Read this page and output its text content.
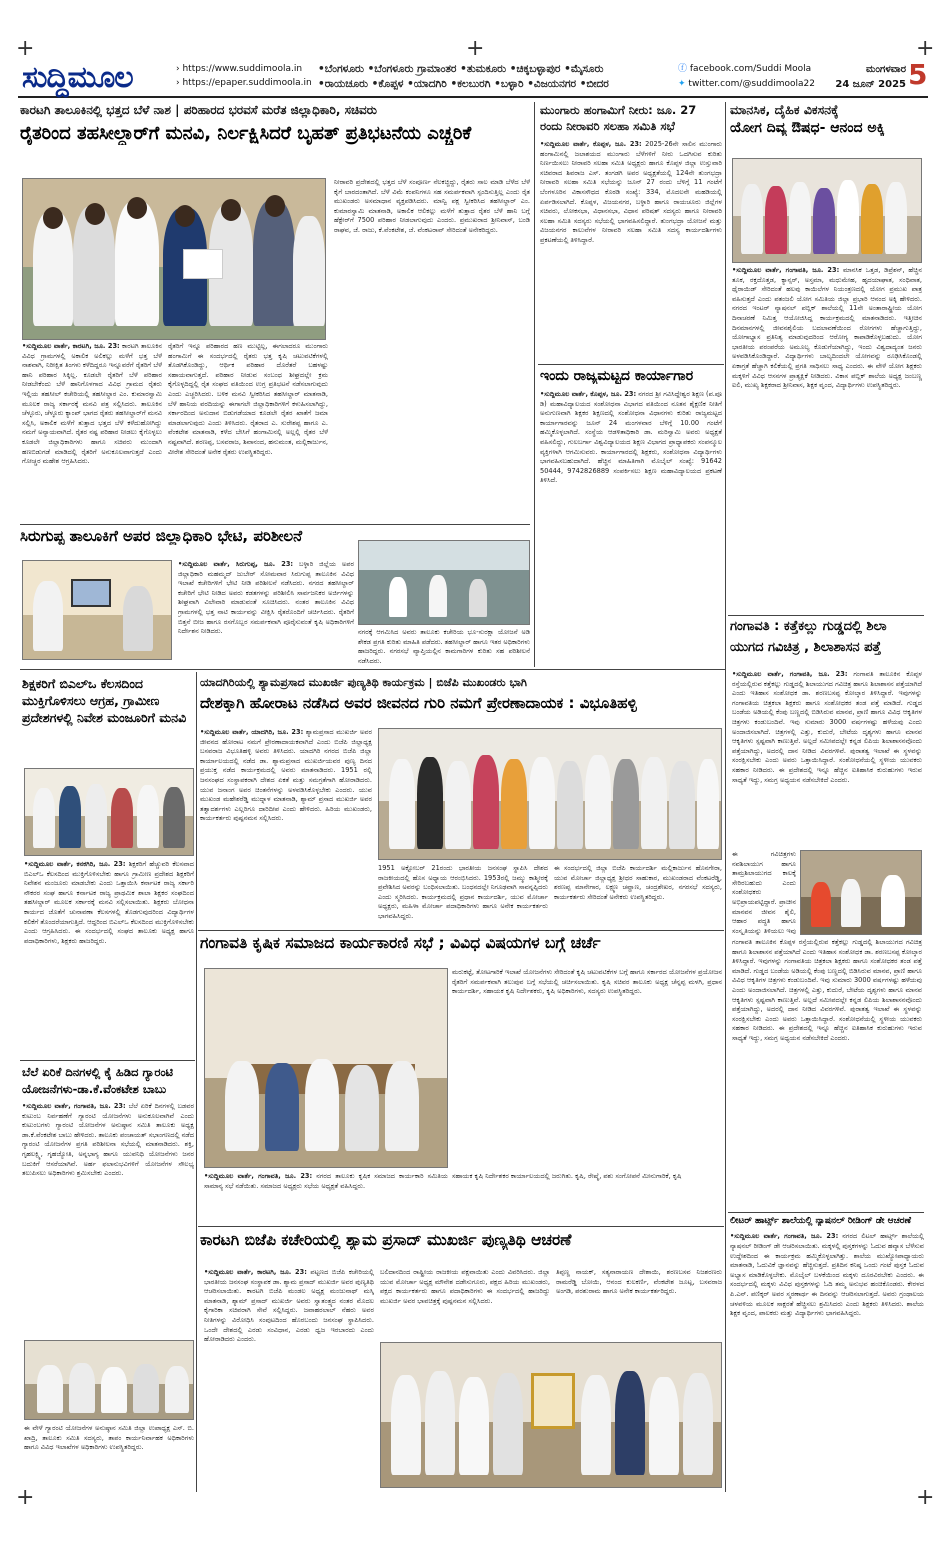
+	+	+
+	+
ಸುದ್ದಿಮೂಲ	› https://www.suddimoola.in
› https://epaper.suddimoola.in
•ಬೆಂಗಳೂರು •ಬೆಂಗಳೂರು ಗ್ರಾಮಾಂತರ •ತುಮಕೂರು •ಚಿಕ್ಕಬಳ್ಳಾಪುರ •ಮೈಸೂರು
•ರಾಯಚೂರು •ಕೊಪ್ಪಳ •ಯಾದಗಿರಿ •ಕಲಬುರಗಿ •ಬಳ್ಳಾರಿ •ವಿಜಯನಗರ •ಬೀದರ
ⓕ facebook.com/Suddi Moola
✦ twitter.com/@suddimoola22
ಮಂಗಳವಾರ
24 ಜೂನ್ 2025 5
ಕಾರಟಗಿ ತಾಲೂಕಿನಲ್ಲಿ ಭತ್ತದ ಬೆಳೆ ನಾಶ | ಪರಿಹಾರದ ಭರವಸೆ ಮರೆತ ಜಿಲ್ಲಾಧಿಕಾರಿ, ಸಚಿವರು
ರೈತರಿಂದ ತಹಸೀಲ್ದಾರ್‌ಗೆ ಮನವಿ, ನಿರ್ಲಕ್ಷಿಸಿದರೆ ಬೃಹತ್ ಪ್ರತಿಭಟನೆಯ ಎಚ್ಚರಿಕೆ
•ಸುದ್ದಿಮೂಲ ವಾರ್ತೆ, ಕಾರಟಗಿ, ಜೂ. 23: ಕಾರಟಗಿ ತಾಲೂಕಿನ ವಿವಿಧ ಗ್ರಾಮಗಳಲ್ಲಿ ಅಕಾಲಿಕ ಅಲಿಕಲ್ಲು ಮಳೆಗೆ ಭತ್ತ ಬೆಳೆ ನಾಶವಾಗಿ, ನಿರೀಕ್ಷಿತ ತಿಂಗಳು ಕಳೆದಿದ್ದರೂ ಇನ್ನೂವರೆಗೆ ರೈತರಿಗೆ ಬೆಳೆ ಹಾನಿ ಪರಿಹಾರ ಸಿಕ್ಕಿಲ್ಲ. ಕೂಡಲೇ ರೈತರಿಗೆ ಬೆಳೆ ಪರಿಹಾರ ನೀಡಬೇಕೆಂದು ಬೆಳೆ ಹಾನಿಗೊಳಗಾದ ವಿವಿಧ ಗ್ರಾಮದ ರೈತರು ಇಲ್ಲಿಯ ತಹಸೀಲ್ ಕಚೇರಿಯಲ್ಲಿ ತಹಸೀಲ್ದಾರ ಎಂ. ಕುಮಾರಸ್ವಾಮಿ ಮೂಲಕ ರಾಜ್ಯ ಸರ್ಕಾರಕ್ಕೆ ಮನವಿ ಪತ್ರ ಸಲ್ಲಿಸಿದರು. ತಾಲೂಕಿನ ಚೆಳ್ಳೂರು, ಚೆಳ್ಳೂರು ಕ್ಯಾಂಪ್ ಭಾಗದ ರೈತರು ತಹಸೀಲ್ದಾರ್‌ಗೆ ಮನವಿ ಸಲ್ಲಿಸಿ, ಅಕಾಲಿಕ ಮಳೆಗೆ ತುತ್ತಾದ ಭತ್ತದ ಬೆಳೆ ಕಳೆದುಹೋಗಿದ್ದು ನಮಗೆ ಅನ್ಯಾಯವಾಗಿದೆ. ರೈತರ ನಷ್ಟ ಪರಿಹಾರ ನೀಡಲು ಕೈಗೊಳ್ಳಲು ಕೂಡಲೇ ಜಿಲ್ಲಾಧಿಕಾರಿಗಳು ಹಾಗೂ ಸಚಿವರು ಮುಂದಾಗಿ ಹಣಬಿಡುಗಡೆ ಮಾಡಿದಲ್ಲಿ ರೈತರಿಗೆ ಅನುಕೂಲವಾಗುತ್ತದೆ ಎಂದು ಗೋಚ್ಚರ ಮಹೇಶ ಆಗ್ರಹಿಸಿದರು.
ರೈತರಿಗೆ ಇನ್ನೂ ಪರಿಹಾರದ ಹಣ ಮುಟ್ಟಿಲ್ಲ, ಈಗಲಾದರೂ ಮುಂಗಾರು ಹಂಗಾಮಿಗೆ ಈ ಸಂದರ್ಭದಲ್ಲಿ ರೈತರು ಭತ್ತ ಕೃಷಿ ಚಟುವಟಿಕೆಗಳಲ್ಲಿ ತೊಡಗಿಕೊಂಡಿದ್ದು, ಆರ್ಥಿಕ ಪರಿಹಾರ ದೊರೆತರೆ ಬಹಳಷ್ಟು ಸಹಾಯವಾಗುತ್ತದೆ. ಪರಿಹಾರ ನೀಡುವ ಸಂಬಂಧ ಶೀಘ್ರದಲ್ಲೇ ಕ್ರಮ ಕೈಗೊಳ್ಳದಿದ್ದಲ್ಲಿ ರೈತ ಸಂಘದ ವತಿಯಿಂದ ಉಗ್ರ ಪ್ರತಿಭಟನೆ ನಡೆಸಲಾಗುವುದು ಎಂದು ಎಚ್ಚರಿಸಿದರು. ಬಳಿಕ ಮನವಿ ಸ್ವೀಕರಿಸಿದ ತಹಸೀಲ್ದಾರ್ ಮಾತನಾಡಿ, ಬೆಳೆ ಹಾನಿಯ ವರದಿಯನ್ನು ಈಗಾಗಲೇ ಜಿಲ್ಲಾಧಿಕಾರಿಗಳಿಗೆ ಕಳುಹಿಸಲಾಗಿದ್ದು, ಸರ್ಕಾರದಿಂದ ಅನುದಾನ ಬಿಡುಗಡೆಯಾದ ಕೂಡಲೇ ರೈತರ ಖಾತೆಗೆ ಜಮಾ ಮಾಡಲಾಗುವುದು ಎಂದು ತಿಳಿಸಿದರು. ರೈತರಾದ ಎ. ಸುರೇಶಪ್ಪ ಹಾಗೂ ಎ. ವೆಂಕಟೇಶ ಮಾತನಾಡಿ, ಕಳೆದ ಬೇಸಿಗೆ ಹಂಗಾಮಿನಲ್ಲಿ ಅಲ್ಲಲ್ಲಿ ರೈತರ ಬೆಳೆ ನಷ್ಟವಾಗಿದೆ. ಶರಣಪ್ಪ, ಬಸವರಾಜ, ಶಿವಾನಂದ, ಹನುಮಂತ, ಮಲ್ಲಿಕಾರ್ಜುನ, ವೀರೇಶ ಸೇರಿದಂತೆ ಅನೇಕ ರೈತರು ಉಪಸ್ಥಿತರಿದ್ದರು.
ನೀರಾವರಿ ಪ್ರದೇಶದಲ್ಲಿ ಭತ್ತದ ಬೆಳೆ ಸಂಪೂರ್ಣ ನೆಲಕಚ್ಚಿದ್ದು, ರೈತರು ಸಾಲ ಮಾಡಿ ಬೆಳೆದ ಬೆಳೆ ಕೈಗೆ ಬಾರದಂತಾಗಿದೆ. ಬೆಳೆ ವಿಮೆ ಕಂಪನಿಗಳೂ ಸಹ ಸಮರ್ಪಕವಾಗಿ ಸ್ಪಂದಿಸುತ್ತಿಲ್ಲ ಎಂದು ರೈತ ಮುಖಂಡರು ಅಸಮಾಧಾನ ವ್ಯಕ್ತಪಡಿಸಿದರು. ಮಾನ್ವಿ ಪಕ್ಷ ಸ್ವೀಕರಿಸಿದ ತಹಸೀಲ್ದಾರ್ ಎಂ. ಕುಮಾರಸ್ವಾಮಿ ಮಾತನಾಡಿ, ಅಕಾಲಿಕ ಆಲಿಕಲ್ಲು ಮಳೆಗೆ ತುತ್ತಾದ ರೈತರ ಬೆಳೆ ಹಾನಿ ಬಗ್ಗೆ ಹೆಕ್ಟೇರ್‌ಗೆ 7500 ಪರಿಹಾರ ನೀಡಲಾಗುವುದು ಎಂದರು. ಪ್ರಮುಖರಾದ ಶ್ರೀನಿವಾಸ್, ಬಂಡಿ ರಾಘವ, ಜೆ. ರಾಜು, ಕೆ.ವೆಂಕಟೇಶ, ಜೆ. ವೆಂಕಟರಾವ್ ಸೇರಿದಂತೆ ಅನೇಕರಿದ್ದರು.
ಮುಂಗಾರು ಹಂಗಾಮಿಗೆ ನೀರು: ಜೂ. 27
ರಂದು ನೀರಾವರಿ ಸಲಹಾ ಸಮಿತಿ ಸಭೆ
•ಸುದ್ದಿಮೂಲ ವಾರ್ತೆ, ಕೊಪ್ಪಳ, ಜೂ. 23: 2025-26ನೇ ಸಾಲಿನ ಮುಂಗಾರು ಹಂಗಾಮಿನಲ್ಲಿ ಜಲಾಶಯದ ಮುಂಗಾರು ಬೆಳೆಗಳಿಗೆ ನೀರು ಒದಗಿಸುವ ಕುರಿತು ನಿರ್ಣಯಿಸಲು ನೀರಾವರಿ ಸಲಹಾ ಸಮಿತಿ ಅಧ್ಯಕ್ಷರು ಹಾಗೂ ಕೊಪ್ಪಳ ಜಿಲ್ಲಾ ಉಸ್ತುವಾರಿ ಸಚಿವರಾದ ಶಿವರಾಜ ಎಸ್. ತಂಗಡಗಿ ಅವರ ಅಧ್ಯಕ್ಷತೆಯಲ್ಲಿ 124ನೇ ತುಂಗಭದ್ರಾ ನೀರಾವರಿ ಸಲಹಾ ಸಮಿತಿ ಸಭೆಯನ್ನು ಜೂನ್ 27 ರಂದು ಬೆಳಿಗ್ಗೆ 11 ಗಂಟೆಗೆ ಬೆಂಗಳೂರಿನ ವಿಕಾಸಸೌಧದ ಕೊಠಡಿ ಸಂಖ್ಯೆ: 334, ಮೊದಲನೇ ಮಹಡಿಯಲ್ಲಿ ಏರ್ಪಡಿಸಲಾಗಿದೆ. ಕೊಪ್ಪಳ, ವಿಜಯನಗರ, ಬಳ್ಳಾರಿ ಹಾಗೂ ರಾಯಚೂರು ಜಿಲ್ಲೆಗಳ ಸಚಿವರು, ಲೋಕಸಭಾ, ವಿಧಾನಸಭಾ, ವಿಧಾನ ಪರಿಷತ್ ಸದಸ್ಯರು ಹಾಗೂ ನೀರಾವರಿ ಸಲಹಾ ಸಮಿತಿ ಸದಸ್ಯರು ಸಭೆಯಲ್ಲಿ ಭಾಗವಹಿಸಲಿದ್ದಾರೆ. ತುಂಗಭದ್ರಾ ಯೋಜನೆ ಮತ್ತು ವಿಜಯನಗರ ಕಾಲುವೆಗಳ ನೀರಾವರಿ ಸಲಹಾ ಸಮಿತಿ ಸದಸ್ಯ ಕಾರ್ಯದರ್ಶಿಗಳು ಪ್ರಕಟಣೆಯಲ್ಲಿ ತಿಳಿಸಿದ್ದಾರೆ.
ಇಂದು ರಾಜ್ಯಮಟ್ಟದ ಕಾರ್ಯಾಗಾರ
•ಸುದ್ದಿಮೂಲ ವಾರ್ತೆ, ಕೊಪ್ಪಳ, ಜೂ. 23: ನಗರದ ಶ್ರೀ ಗವಿಸಿದ್ದೇಶ್ವರ ಶಿಕ್ಷಣ (ಪ.ಪೂ ಡಿ) ಮಹಾವಿದ್ಯಾಲಯದ ಸಂಶೋಧನಾ ವಿಭಾಗದ ವತಿಯಿಂದ ನೂತನ ಶೈಕ್ಷಣಿಕ ನೀತಿಗೆ ಅನುಗುಣವಾಗಿ ಶಿಕ್ಷಕರ ಶಿಕ್ಷಣದಲ್ಲಿ ಸಂಶೋಧನಾ ವಿಧಾನಗಳು ಕುರಿತು ರಾಜ್ಯಮಟ್ಟದ ಕಾರ್ಯಾಗಾರವನ್ನು ಜೂನ್ 24 ಮಂಗಳವಾರ ಬೆಳಿಗ್ಗೆ 10.00 ಗಂಟೆಗೆ ಹಮ್ಮಿಕೊಳ್ಳಲಾಗಿದೆ. ಸಂಸ್ಥೆಯ ಆಡಳಿತಾಧಿಕಾರಿ ಡಾ. ಮರಿಸ್ವಾಮಿ ಅವರು ಅಧ್ಯಕ್ಷತೆ ವಹಿಸಲಿದ್ದು, ಗುಲಬರ್ಗಾ ವಿಶ್ವವಿದ್ಯಾಲಯದ ಶಿಕ್ಷಣ ವಿಭಾಗದ ಪ್ರಾಧ್ಯಾಪಕರು ಸಂಪನ್ಮೂಲ ವ್ಯಕ್ತಿಗಳಾಗಿ ಆಗಮಿಸುವರು. ಕಾರ್ಯಾಗಾರದಲ್ಲಿ ಶಿಕ್ಷಕರು, ಸಂಶೋಧನಾ ವಿದ್ಯಾರ್ಥಿಗಳು ಭಾಗವಹಿಸಬಹುದಾಗಿದೆ. ಹೆಚ್ಚಿನ ಮಾಹಿತಿಗಾಗಿ ಮೊಬೈಲ್ ಸಂಖ್ಯೆ: 91642 50444, 9742826889 ಸಂಪರ್ಕಿಸಲು ಶಿಕ್ಷಣ ಮಹಾವಿದ್ಯಾಲಯದ ಪ್ರಕಟಣೆ ತಿಳಿಸಿದೆ.
ಮಾನಸಿಕ, ದೈಹಿಕ ವಿಕಸನಕ್ಕೆ
ಯೋಗ ದಿವ್ಯ ಔಷಧ- ಆನಂದ ಅಕ್ಕಿ
•ಸುದ್ದಿಮೂಲ ವಾರ್ತೆ, ಗಂಗಾವತಿ, ಜೂ. 23: ಮಾನಸಿಕ ಒತ್ತಡ, ಡಿಪ್ರೆಶನ್, ಹೆಚ್ಚಿನ ತೂಕ, ರಕ್ತದೊತ್ತಡ, ಕ್ಯಾನ್ಸರ್, ಅಸ್ತಮಾ, ಮಧುಮೇಹ, ಹೃದಯಾಘಾತ, ಸಂಧಿವಾತ, ಥೈರಾಯಿಡ್ ಸೇರಿದಂತೆ ಹಲವು ಕಾಯಿಲೆಗಳ ನಿಯಂತ್ರಣದಲ್ಲಿ ಯೋಗ ಪ್ರಮುಖ ಪಾತ್ರ ವಹಿಸುತ್ತದೆ ಎಂದು ಪತಂಜಲಿ ಯೋಗ ಸಮಿತಿಯ ಜಿಲ್ಲಾ ಪ್ರಭಾರಿ ಆನಂದ ಅಕ್ಕಿ ಹೇಳಿದರು. ನಗರದ ಇಂಟರ್ ನ್ಯಾಷನಲ್ ಪಬ್ಲಿಕ್ ಶಾಲೆಯಲ್ಲಿ 11ನೇ ಅಂತಾರಾಷ್ಟ್ರೀಯ ಯೋಗ ದಿನಾಚರಣೆ ನಿಮಿತ್ತ ಆಯೋಜಿಸಿದ್ದ ಕಾರ್ಯಕ್ರಮದಲ್ಲಿ ಮಾತನಾಡಿದರು. ಇತ್ತೀಚಿನ ದಿನಮಾನಗಳಲ್ಲಿ ಜೀವನಶೈಲಿಯ ಬದಲಾವಣೆಯಿಂದ ರೋಗಗಳು ಹೆಚ್ಚಾಗುತ್ತಿದ್ದು, ಯೋಗಾಭ್ಯಾಸ ಪ್ರತಿನಿತ್ಯ ಮಾಡುವುದರಿಂದ ಆರೋಗ್ಯ ಕಾಪಾಡಿಕೊಳ್ಳಬಹುದು. ಯೋಗ ಭಾರತೀಯ ಪರಂಪರೆಯ ಅಮೂಲ್ಯ ಕೊಡುಗೆಯಾಗಿದ್ದು, ಇಂದು ವಿಶ್ವದಾದ್ಯಂತ ಜನರು ಅಳವಡಿಸಿಕೊಂಡಿದ್ದಾರೆ. ವಿದ್ಯಾರ್ಥಿಗಳು ಬಾಲ್ಯದಿಂದಲೇ ಯೋಗವನ್ನು ರೂಢಿಸಿಕೊಂಡಲ್ಲಿ ಏಕಾಗ್ರತೆ ಹೆಚ್ಚಾಗಿ ಕಲಿಕೆಯಲ್ಲಿ ಪ್ರಗತಿ ಸಾಧಿಸಲು ಸಾಧ್ಯ ಎಂದರು. ಈ ವೇಳೆ ಯೋಗ ಶಿಕ್ಷಕರು ಮಕ್ಕಳಿಗೆ ವಿವಿಧ ಆಸನಗಳ ಪ್ರಾತ್ಯಕ್ಷಿಕೆ ನೀಡಿದರು. ವಿಕಾಸ ಪಬ್ಲಿಕ್ ಶಾಲೆಯ ಅಧ್ಯಕ್ಷ ಜಂಬಣ್ಣ ಐಲಿ, ಮುಖ್ಯ ಶಿಕ್ಷಕರಾದ ಶ್ರೀನಿವಾಸ, ಶಿಕ್ಷಕ ವೃಂದ, ವಿದ್ಯಾರ್ಥಿಗಳು ಉಪಸ್ಥಿತರಿದ್ದರು.
ಸಿರುಗುಪ್ಪ ತಾಲೂಕಿಗೆ ಅಪರ ಜಿಲ್ಲಾಧಿಕಾರಿ ಭೇಟಿ, ಪರಿಶೀಲನೆ
•ಸುದ್ದಿಮೂಲ ವಾರ್ತೆ, ಸಿರುಗುಪ್ಪ, ಜೂ. 23: ಬಳ್ಳಾರಿ ಜಿಲ್ಲೆಯ ಅಪರ ಜಿಲ್ಲಾಧಿಕಾರಿ ಮಹಮ್ಮದ್ ಜುಬೇರ್ ಸೋಮವಾರ ಸಿರುಗುಪ್ಪ ತಾಲೂಕಿನ ವಿವಿಧ ಇಲಾಖೆ ಕಚೇರಿಗಳಿಗೆ ಭೇಟಿ ನೀಡಿ ಪರಿಶೀಲನೆ ನಡೆಸಿದರು. ನಗರದ ತಹಸೀಲ್ದಾರ್ ಕಚೇರಿಗೆ ಭೇಟಿ ನೀಡಿದ ಅವರು ಕಡತಗಳನ್ನು ಪರಿಶೀಲಿಸಿ ಸಾರ್ವಜನಿಕರ ಅರ್ಜಿಗಳನ್ನು ಶೀಘ್ರವಾಗಿ ವಿಲೇವಾರಿ ಮಾಡುವಂತೆ ಸೂಚಿಸಿದರು. ನಂತರ ತಾಲೂಕಿನ ವಿವಿಧ ಗ್ರಾಮಗಳಲ್ಲಿ ಭತ್ತ ನಾಟಿ ಕಾರ್ಯವನ್ನು ವೀಕ್ಷಿಸಿ ರೈತರೊಂದಿಗೆ ಚರ್ಚಿಸಿದರು. ರೈತರಿಗೆ ಬಿತ್ತನೆ ಬೀಜ ಹಾಗೂ ರಸಗೊಬ್ಬರ ಸಮರ್ಪಕವಾಗಿ ಪೂರೈಸುವಂತೆ ಕೃಷಿ ಅಧಿಕಾರಿಗಳಿಗೆ ನಿರ್ದೇಶನ ನೀಡಿದರು.	ನಗರಕ್ಕೆ ಆಗಮಿಸಿದ ಅವರು ತಾಲೂಕು ಕಚೇರಿಯ ಭೂ-ಸುರಕ್ಷಾ ಯೋಜನೆ ಅಡಿ ಶೇಕಡ ಪ್ರಗತಿ ಕುರಿತು ಮಾಹಿತಿ ಪಡೆದರು. ತಹಸೀಲ್ದಾರ್ ಹಾಗೂ ಇತರ ಅಧಿಕಾರಿಗಳು ಹಾಜರಿದ್ದರು. ನಗರಸಭೆ ವ್ಯಾಪ್ತಿಯಲ್ಲಿನ ಕಾಮಗಾರಿಗಳ ಕುರಿತು ಸಹ ಪರಿಶೀಲನೆ ನಡೆಸಿದರು.
ಶಿಕ್ಷಕರಿಗೆ ಬಿಎಲ್‌ಒ ಕೆಲಸದಿಂದ ಮುಕ್ತಿಗೊಳಿಸಲು ಆಗ್ರಹ, ಗ್ರಾಮೀಣ ಪ್ರದೇಶಗಳಲ್ಲಿ ನಿವೇಶ ಮಂಜೂರಿಗೆ ಮನವಿ
•ಸುದ್ದಿಮೂಲ ವಾರ್ತೆ, ಕನಕಗಿರಿ, ಜೂ. 23: ಶಿಕ್ಷಕರಿಗೆ ಹೆಚ್ಚುವರಿ ಕೆಲಸವಾದ ಬಿಎಲ್‌ಒ ಕೆಲಸದಿಂದ ಮುಕ್ತಿಗೊಳಿಸಬೇಕು ಹಾಗೂ ಗ್ರಾಮೀಣ ಪ್ರದೇಶದ ಶಿಕ್ಷಕರಿಗೆ ನಿವೇಶನ ಮಂಜೂರು ಮಾಡಬೇಕು ಎಂದು ಒತ್ತಾಯಿಸಿ ಕರ್ನಾಟಕ ರಾಜ್ಯ ಸರ್ಕಾರಿ ನೌಕರರ ಸಂಘ ಹಾಗೂ ಕರ್ನಾಟಕ ರಾಜ್ಯ ಪ್ರಾಥಮಿಕ ಶಾಲಾ ಶಿಕ್ಷಕರ ಸಂಘದಿಂದ ತಹಸೀಲ್ದಾರ್ ಮೂಲಕ ಸರ್ಕಾರಕ್ಕೆ ಮನವಿ ಸಲ್ಲಿಸಲಾಯಿತು. ಶಿಕ್ಷಕರು ಬೋಧನಾ ಕಾರ್ಯದ ಜೊತೆಗೆ ಚುನಾವಣಾ ಕೆಲಸಗಳಲ್ಲಿ ತೊಡಗುವುದರಿಂದ ವಿದ್ಯಾರ್ಥಿಗಳ ಕಲಿಕೆಗೆ ತೊಂದರೆಯಾಗುತ್ತಿದೆ. ಆದ್ದರಿಂದ ಬಿಎಲ್‌ಒ ಕೆಲಸದಿಂದ ಮುಕ್ತಿಗೊಳಿಸಬೇಕು ಎಂದು ಆಗ್ರಹಿಸಿದರು. ಈ ಸಂದರ್ಭದಲ್ಲಿ ಸಂಘದ ತಾಲೂಕು ಅಧ್ಯಕ್ಷ ಹಾಗೂ ಪದಾಧಿಕಾರಿಗಳು, ಶಿಕ್ಷಕರು ಹಾಜರಿದ್ದರು.
ಬೆಲೆ ಏರಿಕೆ ದಿನಗಳಲ್ಲಿ ಕೈ ಹಿಡಿದ ಗ್ಯಾರಂಟಿ ಯೋಜನೆಗಳು-ಡಾ.ಕೆ.ವೆಂಕಟೇಶ ಬಾಬು
•ಸುದ್ದಿಮೂಲ ವಾರ್ತೆ, ಗಂಗಾವತಿ, ಜೂ. 23: ಬೆಲೆ ಏರಿಕೆ ದಿನಗಳಲ್ಲಿ ಬಡವರ ಕುಟುಂಬ ನಿರ್ವಹಣೆಗೆ ಗ್ಯಾರಂಟಿ ಯೋಜನೆಗಳು ಅನುಕೂಲವಾಗಿವೆ ಎಂದು ಕುಟುಂಬಗಳು ಗ್ಯಾರಂಟಿ ಯೋಜನೆಗಳ ಅನುಷ್ಠಾನ ಸಮಿತಿ ತಾಲೂಕು ಅಧ್ಯಕ್ಷ ಡಾ.ಕೆ.ವೆಂಕಟೇಶ ಬಾಬು ಹೇಳಿದರು. ತಾಲೂಕು ಪಂಚಾಯತ್ ಸಭಾಂಗಣದಲ್ಲಿ ನಡೆದ ಗ್ಯಾರಂಟಿ ಯೋಜನೆಗಳ ಪ್ರಗತಿ ಪರಿಶೀಲನಾ ಸಭೆಯಲ್ಲಿ ಮಾತನಾಡಿದರು. ಶಕ್ತಿ, ಗೃಹಲಕ್ಷ್ಮಿ, ಗೃಹಜ್ಯೋತಿ, ಅನ್ನಭಾಗ್ಯ ಹಾಗೂ ಯುವನಿಧಿ ಯೋಜನೆಗಳು ಜನರ ಬದುಕಿಗೆ ಆಸರೆಯಾಗಿವೆ. ಅರ್ಹ ಫಲಾನುಭವಿಗಳಿಗೆ ಯೋಜನೆಗಳ ಸೌಲಭ್ಯ ತಲುಪಿಸಲು ಅಧಿಕಾರಿಗಳು ಶ್ರಮಿಸಬೇಕು ಎಂದರು.
ಈ ವೇಳೆ ಗ್ಯಾರಂಟಿ ಯೋಜನೆಗಳ ಅನುಷ್ಠಾನ ಸಮಿತಿ ಜಿಲ್ಲಾ ಉಪಾಧ್ಯಕ್ಷ ಎಸ್. ಬಿ. ಖಾದ್ರಿ, ತಾಲೂಕು ಸಮಿತಿ ಸದಸ್ಯರು, ತಾಪಂ ಕಾರ್ಯನಿರ್ವಾಹಕ ಅಧಿಕಾರಿಗಳು ಹಾಗೂ ವಿವಿಧ ಇಲಾಖೆಗಳ ಅಧಿಕಾರಿಗಳು ಉಪಸ್ಥಿತರಿದ್ದರು.
ಯಾದಗಿರಿಯಲ್ಲಿ ಶ್ಯಾಮಪ್ರಸಾದ ಮುಖರ್ಜಿ ಪುಣ್ಯತಿಥಿ ಕಾರ್ಯಕ್ರಮ | ಬಿಜೆಪಿ ಮುಖಂಡರು ಭಾಗಿ
ದೇಶಕ್ಕಾಗಿ ಹೋರಾಟ ನಡೆಸಿದ ಅವರ ಜೀವನದ ಗುರಿ ನಮಗೆ ಪ್ರೇರಣಾದಾಯಕ : ವಿಭೂತಿಹಳ್ಳಿ
•ಸುದ್ದಿಮೂಲ ವಾರ್ತೆ, ಯಾದಗಿರಿ, ಜೂ. 23: ಶ್ಯಾಮಪ್ರಸಾದ ಮುಖರ್ಜಿ ಅವರ ಜೀವನದ ಹೋರಾಟ ನಮಗೆ ಪ್ರೇರಣಾದಾಯಕವಾಗಿದೆ ಎಂದು ಬಿಜೆಪಿ ಜಿಲ್ಲಾಧ್ಯಕ್ಷ ಬಸವರಾಜ ವಿಭೂತಿಹಳ್ಳಿ ಅವರು ತಿಳಿಸಿದರು. ಯಾದಗಿರಿ ನಗರದ ಬಿಜೆಪಿ ಜಿಲ್ಲಾ ಕಾರ್ಯಾಲಯದಲ್ಲಿ ನಡೆದ ಡಾ. ಶ್ಯಾಮಪ್ರಸಾದ ಮುಖರ್ಜಿಯವರ ಪುಣ್ಯ ದಿನದ ಪ್ರಯುಕ್ತ ನಡೆದ ಕಾರ್ಯಕ್ರಮದಲ್ಲಿ ಅವರು ಮಾತನಾಡಿದರು. 1951 ರಲ್ಲಿ ಜನಸಂಘದ ಸಂಸ್ಥಾಪಕರಾಗಿ ದೇಶದ ಏಕತೆ ಮತ್ತು ಸಮಗ್ರತೆಗಾಗಿ ಹೋರಾಡಿದರು. ಯುವ ಜನಾಂಗ ಅವರ ಚಿಂತನೆಗಳನ್ನು ಅಳವಡಿಸಿಕೊಳ್ಳಬೇಕು ಎಂದರು. ಯುವ ಮುಖಂಡ ಮಹೇಶರೆಡ್ಡಿ ಮುದ್ನಾಳ ಮಾತನಾಡಿ, ಶ್ಯಾಮ್ ಪ್ರಸಾದ ಮುಖರ್ಜಿ ಅವರ ತತ್ವಾದರ್ಶಗಳು ಎಲ್ಲರಿಗೂ ದಾರಿದೀಪ ಎಂದು ಹೇಳಿದರು. ಹಿರಿಯ ಮುಖಂಡರು, ಕಾರ್ಯಕರ್ತರು ಪುಷ್ಪನಮನ ಸಲ್ಲಿಸಿದರು.
1951 ಅಕ್ಟೋಬರ್ 21ರಂದು ಭಾರತೀಯ ಜನಸಂಘ ಸ್ಥಾಪಿಸಿ ದೇಶದ ರಾಜಕೀಯದಲ್ಲಿ ಹೊಸ ಅಧ್ಯಾಯ ಆರಂಭಿಸಿದರು. 1953ರಲ್ಲಿ ಜಮ್ಮು ಕಾಶ್ಮೀರಕ್ಕೆ ಪ್ರವೇಶಿಸಿದ ಅವರನ್ನು ಬಂಧಿಸಲಾಯಿತು. ಬಂಧನದಲ್ಲೇ ನಿಗೂಢವಾಗಿ ಸಾವನ್ನಪ್ಪಿದರು ಎಂದು ಸ್ಮರಿಸಿದರು. ಕಾರ್ಯಕ್ರಮದಲ್ಲಿ ಪ್ರಧಾನ ಕಾರ್ಯದರ್ಶಿ, ಯುವ ಮೋರ್ಚಾ ಅಧ್ಯಕ್ಷರು, ಮಹಿಳಾ ಮೋರ್ಚಾ ಪದಾಧಿಕಾರಿಗಳು ಹಾಗೂ ಅನೇಕ ಕಾರ್ಯಕರ್ತರು ಭಾಗವಹಿಸಿದ್ದರು.
ಈ ಸಂದರ್ಭದಲ್ಲಿ ಜಿಲ್ಲಾ ಬಿಜೆಪಿ ಕಾರ್ಯದರ್ಶಿ ಮಲ್ಲಿಕಾರ್ಜುನ ಹೊನಗೇರಾ, ಯುವ ಮೋರ್ಚಾ ಜಿಲ್ಲಾಧ್ಯಕ್ಷ ಶ್ರೀಧರ ಸಾಹುಕಾರ, ಮುಖಂಡರಾದ ವೆಂಕಟರೆಡ್ಡಿ, ಶರಣಪ್ಪ ಮಾನೇಗಾರ, ಲಕ್ಷ್ಮಣ ಚವ್ಹಾಣ, ಚಂದ್ರಶೇಖರ, ನಗರಸಭೆ ಸದಸ್ಯರು, ಕಾರ್ಯಕರ್ತರು ಸೇರಿದಂತೆ ಅನೇಕರು ಉಪಸ್ಥಿತರಿದ್ದರು.
ಗಂಗಾವತಿ ಕೃಷಿಕ ಸಮಾಜದ ಕಾರ್ಯಕಾರಣಿ ಸಭೆ ; ವಿವಿಧ ವಿಷಯಗಳ ಬಗ್ಗೆ ಚರ್ಚೆ
•ಸುದ್ದಿಮೂಲ ವಾರ್ತೆ, ಗಂಗಾವತಿ, ಜೂ. 23: ನಗರದ ತಾಲೂಕು ಕೃಷಿಕ ಸಮಾಜದ ಕಾರ್ಯಕಾರಿ ಸಮಿತಿಯ ಸಾಮಾನ್ಯ ಸಭೆ ನಡೆಯಿತು. ಸಮಾಜದ ಅಧ್ಯಕ್ಷರು ಸಭೆಯ ಅಧ್ಯಕ್ಷತೆ ವಹಿಸಿದ್ದರು.
ಮರುಕಟ್ಟೆ, ತೋಟಗಾರಿಕೆ ಇಲಾಖೆ ಯೋಜನೆಗಳು ಸೇರಿದಂತೆ ಕೃಷಿ ಚಟುವಟಿಕೆಗಳ ಬಗ್ಗೆ ಹಾಗೂ ಸರ್ಕಾರದ ಯೋಜನೆಗಳ ಪ್ರಯೋಜನ ರೈತರಿಗೆ ಸಮರ್ಪಕವಾಗಿ ತಲುಪುವ ಬಗ್ಗೆ ಸಭೆಯಲ್ಲಿ ಚರ್ಚಿಸಲಾಯಿತು. ಕೃಷಿ ಸಚಿವರ ತಾಲೂಕು ಅಧ್ಯಕ್ಷ ಚೆನ್ನಪ್ಪ ಮಳಗಿ, ಪ್ರಧಾನ ಕಾರ್ಯದರ್ಶಿ, ಸಹಾಯಕ ಕೃಷಿ ನಿರ್ದೇಶಕರು, ಕೃಷಿ ಅಧಿಕಾರಿಗಳು, ಸದಸ್ಯರು ಉಪಸ್ಥಿತರಿದ್ದರು.
ಸಹಾಯಕ ಕೃಷಿ ನಿರ್ದೇಶಕರ ಕಾರ್ಯಾಲಯದಲ್ಲಿ ಜರುಗಿತು. ಕೃಷಿ, ರೇಷ್ಮೆ, ಪಶು ಸಂಗೋಪನೆ ಮೀನುಗಾರಿಕೆ, ಕೃಷಿ
ಗಂಗಾವತಿ : ಕತ್ತೆಕಲ್ಲು ಗುಡ್ಡದಲ್ಲಿ ಶಿಲಾ
ಯುಗದ ಗವಿಚಿತ್ರ , ಶಿಲಾಶಾಸನ ಪತ್ತೆ
•ಸುದ್ದಿಮೂಲ ವಾರ್ತೆ, ಗಂಗಾವತಿ, ಜೂ. 23: ಗಂಗಾವತಿ ತಾಲೂಕಿನ ಕೊಪ್ಪಳ ರಸ್ತೆಯಲ್ಲಿರುವ ಕತ್ತೆಕಲ್ಲು ಗುಡ್ಡದಲ್ಲಿ ಶಿಲಾಯುಗದ ಗವಿಚಿತ್ರ ಹಾಗೂ ಶಿಲಾಶಾಸನ ಪತ್ತೆಯಾಗಿದೆ ಎಂದು ಇತಿಹಾಸ ಸಂಶೋಧಕ ಡಾ. ಶರಣಬಸಪ್ಪ ಕೋಲ್ಕಾರ ತಿಳಿಸಿದ್ದಾರೆ. ಇವುಗಳನ್ನು ಗಂಗಾವತಿಯ ಚಿತ್ರಕಲಾ ಶಿಕ್ಷಕರು ಹಾಗೂ ಸಂಶೋಧಕರ ತಂಡ ಪತ್ತೆ ಮಾಡಿದೆ. ಗುಡ್ಡದ ಬಂಡೆಯ ಅಡಿಯಲ್ಲಿ ಕೆಂಪು ಬಣ್ಣದಲ್ಲಿ ಬಿಡಿಸಿರುವ ಮಾನವ, ಪ್ರಾಣಿ ಹಾಗೂ ವಿವಿಧ ಆಕೃತಿಗಳ ಚಿತ್ರಗಳು ಕಂಡುಬಂದಿವೆ. ಇವು ಸುಮಾರು 3000 ವರ್ಷಗಳಷ್ಟು ಹಳೆಯವು ಎಂದು ಅಂದಾಜಿಸಲಾಗಿದೆ. ಚಿತ್ರಗಳಲ್ಲಿ ಎತ್ತು, ಕುದುರೆ, ಬೇಟೆಯ ದೃಶ್ಯಗಳು ಹಾಗೂ ಮಾನವ ಆಕೃತಿಗಳು ಸ್ಪಷ್ಟವಾಗಿ ಕಾಣುತ್ತಿವೆ. ಅಲ್ಲದೆ ಸಮೀಪದಲ್ಲೇ ಕನ್ನಡ ಲಿಪಿಯ ಶಿಲಾಶಾಸನವೊಂದು ಪತ್ತೆಯಾಗಿದ್ದು, ಅದರಲ್ಲಿ ದಾನ ನೀಡಿದ ವಿವರಗಳಿವೆ. ಪುರಾತತ್ವ ಇಲಾಖೆ ಈ ಸ್ಥಳವನ್ನು ಸಂರಕ್ಷಿಸಬೇಕು ಎಂದು ಅವರು ಒತ್ತಾಯಿಸಿದ್ದಾರೆ. ಸಂಶೋಧನೆಯಲ್ಲಿ ಸ್ಥಳೀಯ ಯುವಕರು ಸಹಕಾರ ನೀಡಿದರು. ಈ ಪ್ರದೇಶದಲ್ಲಿ ಇನ್ನೂ ಹೆಚ್ಚಿನ ಐತಿಹಾಸಿಕ ಕುರುಹುಗಳು ಇರುವ ಸಾಧ್ಯತೆ ಇದ್ದು, ಸಮಗ್ರ ಅಧ್ಯಯನ ನಡೆಸಬೇಕಿದೆ ಎಂದರು.
ಈ ಗವಿಚಿತ್ರಗಳು ನವಶಿಲಾಯುಗ ಹಾಗೂ ತಾಮ್ರಶಿಲಾಯುಗದ ಕಾಲಕ್ಕೆ ಸೇರಿರಬಹುದು ಎಂದು ಸಂಶೋಧಕರು ಅಭಿಪ್ರಾಯಪಟ್ಟಿದ್ದಾರೆ. ಪ್ರಾಚೀನ ಮಾನವನ ಜೀವನ ಶೈಲಿ, ಆಹಾರ ಪದ್ಧತಿ ಹಾಗೂ ಸಂಸ್ಕೃತಿಯನ್ನು ತಿಳಿಯಲು ಇವು
ಗಂಗಾವತಿ ತಾಲೂಕಿನ ಕೊಪ್ಪಳ ರಸ್ತೆಯಲ್ಲಿರುವ ಕತ್ತೆಕಲ್ಲು ಗುಡ್ಡದಲ್ಲಿ ಶಿಲಾಯುಗದ ಗವಿಚಿತ್ರ ಹಾಗೂ ಶಿಲಾಶಾಸನ ಪತ್ತೆಯಾಗಿದೆ ಎಂದು ಇತಿಹಾಸ ಸಂಶೋಧಕ ಡಾ. ಶರಣಬಸಪ್ಪ ಕೋಲ್ಕಾರ ತಿಳಿಸಿದ್ದಾರೆ. ಇವುಗಳನ್ನು ಗಂಗಾವತಿಯ ಚಿತ್ರಕಲಾ ಶಿಕ್ಷಕರು ಹಾಗೂ ಸಂಶೋಧಕರ ತಂಡ ಪತ್ತೆ ಮಾಡಿದೆ. ಗುಡ್ಡದ ಬಂಡೆಯ ಅಡಿಯಲ್ಲಿ ಕೆಂಪು ಬಣ್ಣದಲ್ಲಿ ಬಿಡಿಸಿರುವ ಮಾನವ, ಪ್ರಾಣಿ ಹಾಗೂ ವಿವಿಧ ಆಕೃತಿಗಳ ಚಿತ್ರಗಳು ಕಂಡುಬಂದಿವೆ. ಇವು ಸುಮಾರು 3000 ವರ್ಷಗಳಷ್ಟು ಹಳೆಯವು ಎಂದು ಅಂದಾಜಿಸಲಾಗಿದೆ. ಚಿತ್ರಗಳಲ್ಲಿ ಎತ್ತು, ಕುದುರೆ, ಬೇಟೆಯ ದೃಶ್ಯಗಳು ಹಾಗೂ ಮಾನವ ಆಕೃತಿಗಳು ಸ್ಪಷ್ಟವಾಗಿ ಕಾಣುತ್ತಿವೆ. ಅಲ್ಲದೆ ಸಮೀಪದಲ್ಲೇ ಕನ್ನಡ ಲಿಪಿಯ ಶಿಲಾಶಾಸನವೊಂದು ಪತ್ತೆಯಾಗಿದ್ದು, ಅದರಲ್ಲಿ ದಾನ ನೀಡಿದ ವಿವರಗಳಿವೆ. ಪುರಾತತ್ವ ಇಲಾಖೆ ಈ ಸ್ಥಳವನ್ನು ಸಂರಕ್ಷಿಸಬೇಕು ಎಂದು ಅವರು ಒತ್ತಾಯಿಸಿದ್ದಾರೆ. ಸಂಶೋಧನೆಯಲ್ಲಿ ಸ್ಥಳೀಯ ಯುವಕರು ಸಹಕಾರ ನೀಡಿದರು. ಈ ಪ್ರದೇಶದಲ್ಲಿ ಇನ್ನೂ ಹೆಚ್ಚಿನ ಐತಿಹಾಸಿಕ ಕುರುಹುಗಳು ಇರುವ ಸಾಧ್ಯತೆ ಇದ್ದು, ಸಮಗ್ರ ಅಧ್ಯಯನ ನಡೆಸಬೇಕಿದೆ ಎಂದರು.
ಕಾರಟಗಿ ಬಿಜೆಪಿ ಕಚೇರಿಯಲ್ಲಿ ಶ್ಯಾಮ ಪ್ರಸಾದ್ ಮುಖರ್ಜಿ ಪುಣ್ಯತಿಥಿ ಆಚರಣೆ
•ಸುದ್ದಿಮೂಲ ವಾರ್ತೆ, ಕಾರಟಗಿ, ಜೂ. 23: ಪಟ್ಟಣದ ಬಿಜೆಪಿ ಕಚೇರಿಯಲ್ಲಿ ಭಾರತೀಯ ಜನಸಂಘ ಸಂಸ್ಥಾಪಕ ಡಾ. ಶ್ಯಾಮ ಪ್ರಸಾದ್ ಮುಖರ್ಜಿ ಅವರ ಪುಣ್ಯತಿಥಿ ಆಚರಿಸಲಾಯಿತು. ಕಾರಟಗಿ ಬಿಜೆಪಿ ಮಂಡಲ ಅಧ್ಯಕ್ಷ ಮಂಜುನಾಥ್ ಮಸ್ಕಿ ಮಾತನಾಡಿ, ಶ್ಯಾಮ್ ಪ್ರಸಾದ್ ಮುಖರ್ಜಿ ಅವರು ಸ್ವಾತಂತ್ರ್ಯದ ನಂತರ ಮೊದಲ ಕೈಗಾರಿಕಾ ಸಚಿವರಾಗಿ ಸೇವೆ ಸಲ್ಲಿಸಿದ್ದರು. ಜವಾಹರಲಾಲ್ ನೆಹರು ಅವರ ನೀತಿಗಳನ್ನು ವಿರೋಧಿಸಿ ಸಂಪುಟದಿಂದ ಹೊರಬಂದು ಜನಸಂಘ ಸ್ಥಾಪಿಸಿದರು. ಒಂದೇ ದೇಶದಲ್ಲಿ ಎರಡು ಸಂವಿಧಾನ, ಎರಡು ಧ್ವಜ ಇರಬಾರದು ಎಂದು ಹೋರಾಡಿದರು ಎಂದರು.
ಬಲಿದಾನದಿಂದ ರಾಷ್ಟ್ರೀಯ ರಾಜಕೀಯ ಪಕ್ಷವಾಯಿತು ಎಂದು ವಿವರಿಸಿದರು. ಜಿಲ್ಲಾ ಯುವ ಮೋರ್ಚಾ ಅಧ್ಯಕ್ಷ ಮೌನೇಶ ದಡೇಸುಗೂರು, ಪಕ್ಷದ ಹಿರಿಯ ಮುಖಂಡರು, ಪಕ್ಷದ ಕಾರ್ಯಕರ್ತರು ಹಾಗೂ ಪದಾಧಿಕಾರಿಗಳು ಈ ಸಂದರ್ಭದಲ್ಲಿ ಹಾಜರಿದ್ದು ಮುಖರ್ಜಿ ಅವರ ಭಾವಚಿತ್ರಕ್ಕೆ ಪುಷ್ಪನಮನ ಸಲ್ಲಿಸಿದರು.
ತಿಪ್ಪಣ್ಣ ನಾಯಕ್, ಸತ್ಯನಾರಾಯಣ ದೇಶಾಯಿ, ಶರಣಬಸವ ನಿಜಶರಣರು ರಾಮರೆಡ್ಡಿ ಬೋಯಿ, ಆನಂದ ಕುಲಕರ್ಣಿ, ವೆಂಕಟೇಶ ಜೂಟ್ಲ, ಬಸವರಾಜ ಅಂಗಡಿ, ಪರಶುರಾಮ ಹಾಗೂ ಅನೇಕ ಕಾರ್ಯಕರ್ತರಿದ್ದರು.
ಲೀಟರ್ ಹಾರ್ಟ್ಸ್ ಶಾಲೆಯಲ್ಲಿ ನ್ಯಾಷನಲ್ ರೀಡಿಂಗ್ ಡೇ ಆಚರಣೆ
•ಸುದ್ದಿಮೂಲ ವಾರ್ತೆ, ಗಂಗಾವತಿ, ಜೂ. 23: ನಗರದ ಲಿಟಲ್ ಹಾರ್ಟ್ಸ್ ಶಾಲೆಯಲ್ಲಿ ನ್ಯಾಷನಲ್ ರೀಡಿಂಗ್ ಡೇ ಆಚರಿಸಲಾಯಿತು. ಮಕ್ಕಳಲ್ಲಿ ಪುಸ್ತಕಗಳನ್ನು ಓದುವ ಹವ್ಯಾಸ ಬೆಳೆಸುವ ಉದ್ದೇಶದಿಂದ ಈ ಕಾರ್ಯಕ್ರಮ ಹಮ್ಮಿಕೊಳ್ಳಲಾಗಿತ್ತು. ಶಾಲೆಯ ಮುಖ್ಯೋಪಾಧ್ಯಾಯರು ಮಾತನಾಡಿ, ಓದುವಿಕೆ ಜ್ಞಾನವನ್ನು ಹೆಚ್ಚಿಸುತ್ತದೆ. ಪ್ರತಿದಿನ ಕನಿಷ್ಠ ಒಂದು ಗಂಟೆ ಪುಸ್ತಕ ಓದುವ ಅಭ್ಯಾಸ ಮಾಡಿಕೊಳ್ಳಬೇಕು. ಮೊಬೈಲ್ ಬಳಕೆಯಿಂದ ಮಕ್ಕಳು ದೂರವಿರಬೇಕು ಎಂದರು. ಈ ಸಂದರ್ಭದಲ್ಲಿ ಮಕ್ಕಳು ವಿವಿಧ ಪುಸ್ತಕಗಳನ್ನು ಓದಿ ತಮ್ಮ ಅನುಭವ ಹಂಚಿಕೊಂಡರು. ಕೇರಳದ ಪಿ.ಎನ್. ಪಣಿಕ್ಕರ್ ಅವರ ಸ್ಮರಣಾರ್ಥ ಈ ದಿನವನ್ನು ಆಚರಿಸಲಾಗುತ್ತದೆ. ಅವರು ಗ್ರಂಥಾಲಯ ಚಳವಳಿಯ ಮೂಲಕ ಸಾಕ್ಷರತೆ ಹೆಚ್ಚಿಸಲು ಶ್ರಮಿಸಿದರು ಎಂದು ಶಿಕ್ಷಕರು ತಿಳಿಸಿದರು. ಶಾಲೆಯ ಶಿಕ್ಷಕ ವೃಂದ, ಪಾಲಕರು ಮತ್ತು ವಿದ್ಯಾರ್ಥಿಗಳು ಭಾಗವಹಿಸಿದ್ದರು.
